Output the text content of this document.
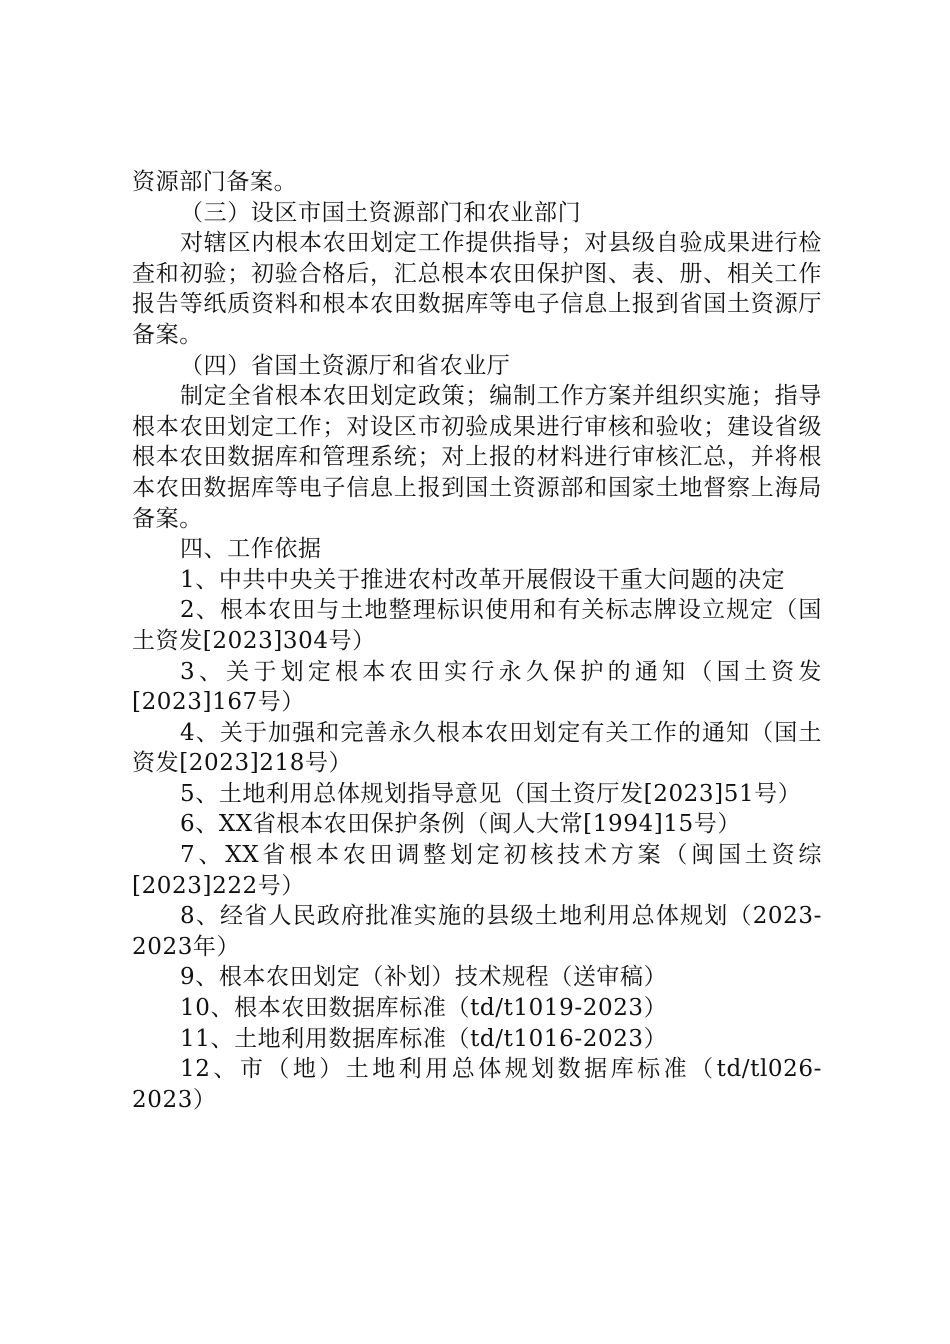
资源部门备案。

（三）设区市国土资源部门和农业部门

对辖区内根本农田划定工作提供指导；对县级自验成果进行检查和初验；初验合格后，汇总根本农田保护图、表、册、相关工作报告等纸质资料和根本农田数据库等电子信息上报到省国土资源厅备案。

（四）省国土资源厅和省农业厅

制定全省根本农田划定政策；编制工作方案并组织实施；指导根本农田划定工作；对设区市初验成果进行审核和验收；建设省级根本农田数据库和管理系统；对上报的材料进行审核汇总，并将根本农田数据库等电子信息上报到国土资源部和国家土地督察上海局备案。

四、工作依据

1、中共中央关于推进农村改革开展假设干重大问题的决定

2、根本农田与土地整理标识使用和有关标志牌设立规定（国土资发[2023]304号）

3、关于划定根本农田实行永久保护的通知（国土资发[2023]167号）

4、关于加强和完善永久根本农田划定有关工作的通知（国土资发[2023]218号）

5、土地利用总体规划指导意见（国土资厅发[2023]51号）

6、XX省根本农田保护条例（闽人大常[1994]15号）

7、XX省根本农田调整划定初核技术方案（闽国土资综[2023]222号）

8、经省人民政府批准实施的县级土地利用总体规划（2023-2023年）

9、根本农田划定（补划）技术规程（送审稿）

10、根本农田数据库标准（td/t1019-2023）

11、土地利用数据库标准（td/t1016-2023）

12、市（地）土地利用总体规划数据库标准（td/tl026-2023）
